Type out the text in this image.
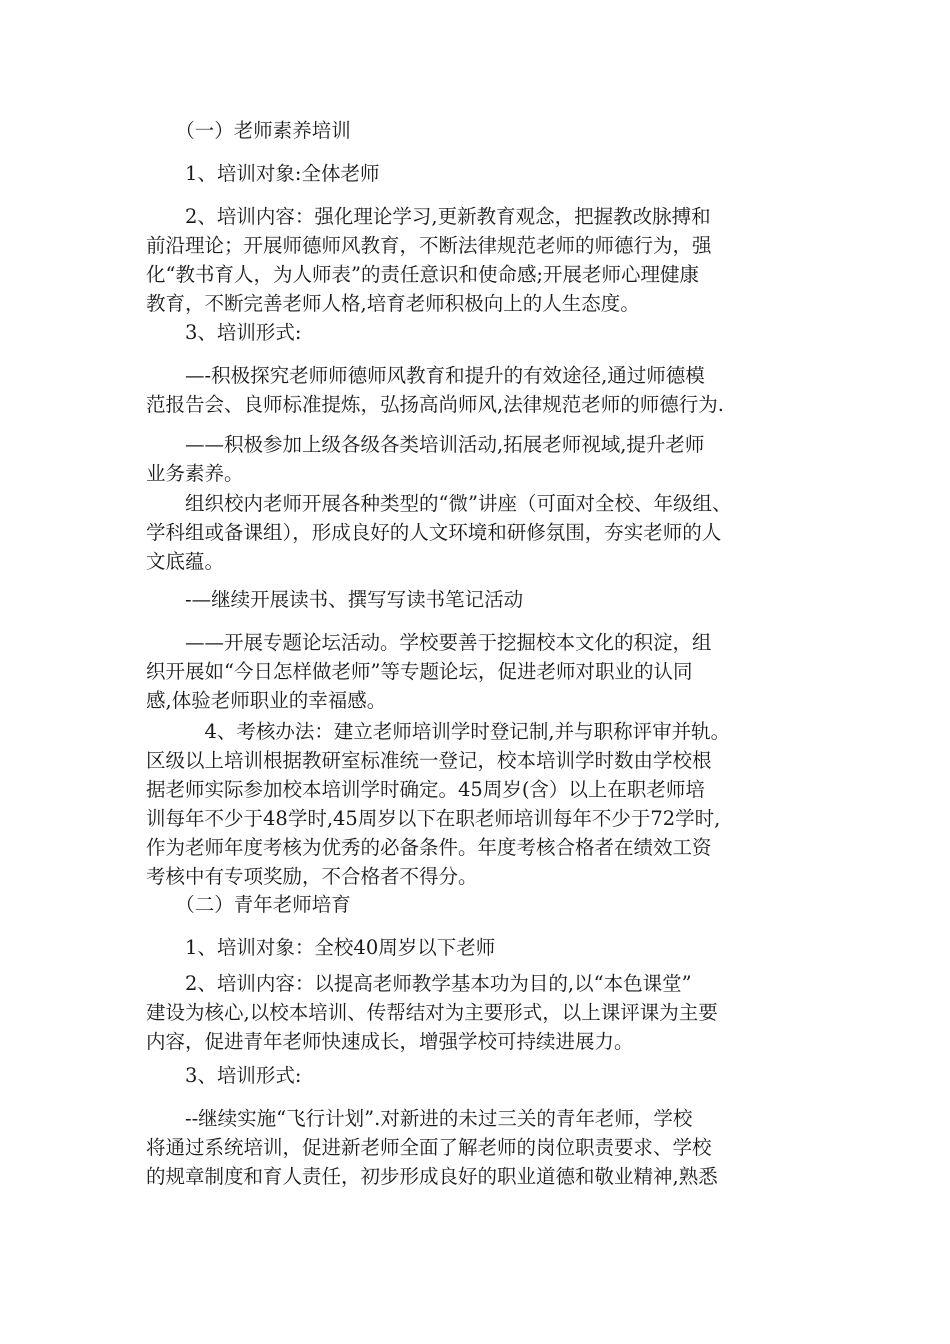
　　（一）老师素养培训

　　1、培训对象:全体老师

　　2、培训内容：强化理论学习,更新教育观念，把握教改脉搏和
前沿理论；开展师德师风教育，不断法律规范老师的师德行为，强
化“教书育人，为人师表”的责任意识和使命感;开展老师心理健康
教育，不断完善老师人格,培育老师积极向上的人生态度。

　　3、培训形式:

　　—-积极探究老师师德师风教育和提升的有效途径,通过师德模
范报告会、良师标准提炼，弘扬高尚师风,法律规范老师的师德行为.

　　——积极参加上级各级各类培训活动,拓展老师视域,提升老师
业务素养。

　　组织校内老师开展各种类型的“微”讲座（可面对全校、年级组、
学科组或备课组），形成良好的人文环境和研修氛围，夯实老师的人
文底蕴。

　　-—继续开展读书、撰写写读书笔记活动

　　——开展专题论坛活动。学校要善于挖掘校本文化的积淀，组
织开展如“今日怎样做老师”等专题论坛，促进老师对职业的认同
感,体验老师职业的幸福感。

　　　4、考核办法：建立老师培训学时登记制,并与职称评审并轨。
区级以上培训根据教研室标准统一登记，校本培训学时数由学校根
据老师实际参加校本培训学时确定。45周岁(含）以上在职老师培
训每年不少于48学时,45周岁以下在职老师培训每年不少于72学时,
作为老师年度考核为优秀的必备条件。年度考核合格者在绩效工资
考核中有专项奖励，不合格者不得分。

　　（二）青年老师培育

　　1、培训对象：全校40周岁以下老师

　　2、培训内容：以提高老师教学基本功为目的,以“本色课堂”
建设为核心,以校本培训、传帮结对为主要形式，以上课评课为主要
内容，促进青年老师快速成长，增强学校可持续进展力。

　　3、培训形式:

　　--继续实施“飞行计划”.对新进的未过三关的青年老师，学校
将通过系统培训，促进新老师全面了解老师的岗位职责要求、学校
的规章制度和育人责任，初步形成良好的职业道德和敬业精神,熟悉
